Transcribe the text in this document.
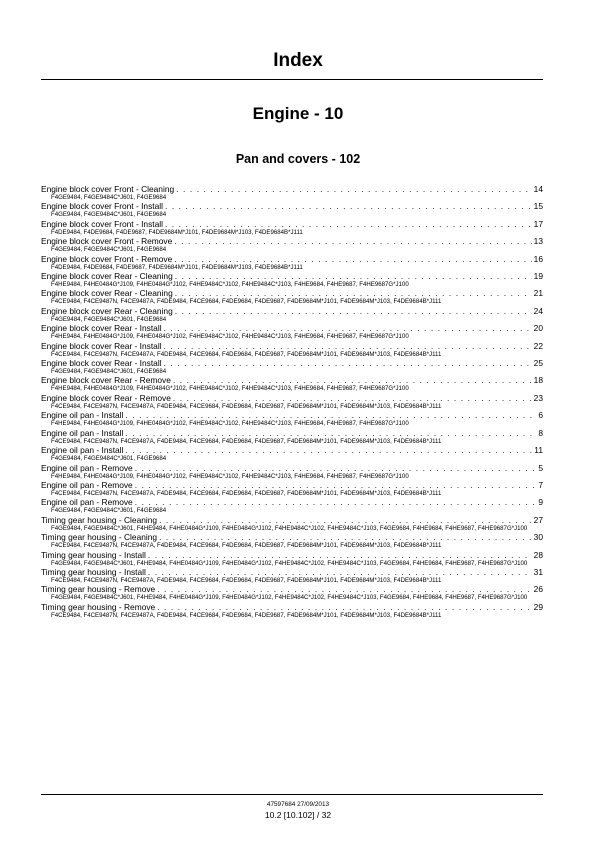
Index
Engine - 10
Pan and covers - 102
Engine block cover Front - Cleaning . . .	14
F4GE9484, F4GE9484C*J601, F4GE9684
Engine block cover Front - Install . . .	15
F4GE9484, F4GE9484C*J601, F4GE9684
Engine block cover Front - Install . . .	17
F4DE9484, F4DE9684, F4DE9687, F4DE9684M*J101, F4DE9684M*J103, F4DE9684B*J111
Engine block cover Front - Remove . . .	13
F4GE9484, F4GE9484C*J601, F4GE9684
Engine block cover Front - Remove . . .	16
F4DE9484, F4DE9684, F4DE9687, F4DE9684M*J101, F4DE9684M*J103, F4DE9684B*J111
Engine block cover Rear - Cleaning . . .	19
F4HE9484, F4HE0484G*J109, F4HE0484G*J102, F4HE9484C*J102, F4HE9484C*J103, F4HE9684, F4HE9687, F4HE9687G*J100
Engine block cover Rear - Cleaning . . .	21
F4CE9484, F4CE9487N, F4CE9487A, F4DE9484, F4CE9684, F4DE9684, F4DE9687, F4DE9684M*J101, F4DE9684M*J103, F4DE9684B*J111
Engine block cover Rear - Cleaning . . .	24
F4GE9484, F4GE9484C*J601, F4GE9684
Engine block cover Rear - Install . . .	20
F4HE9484, F4HE0484G*J109, F4HE0484G*J102, F4HE9484C*J102, F4HE9484C*J103, F4HE9684, F4HE9687, F4HE9687G*J100
Engine block cover Rear - Install . . .	22
F4CE9484, F4CE9487N, F4CE9487A, F4DE9484, F4CE9684, F4DE9684, F4DE9687, F4DE9684M*J101, F4DE9684M*J103, F4DE9684B*J111
Engine block cover Rear - Install . . .	25
F4GE9484, F4GE9484C*J601, F4GE9684
Engine block cover Rear - Remove . . .	18
F4HE9484, F4HE0484G*J109, F4HE0484G*J102, F4HE9484C*J102, F4HE9484C*J103, F4HE9684, F4HE9687, F4HE9687G*J100
Engine block cover Rear - Remove . . .	23
F4CE9484, F4CE9487N, F4CE9487A, F4DE9484, F4CE9684, F4DE9684, F4DE9687, F4DE9684M*J101, F4DE9684M*J103, F4DE9684B*J111
Engine oil pan - Install . . .	6
F4HE9484, F4HE0484G*J109, F4HE0484G*J102, F4HE9484C*J102, F4HE9484C*J103, F4HE9684, F4HE9687, F4HE9687G*J100
Engine oil pan - Install . . .	8
F4CE9484, F4CE9487N, F4CE9487A, F4DE9484, F4CE9684, F4DE9684, F4DE9687, F4DE9684M*J101, F4DE9684M*J103, F4DE9684B*J111
Engine oil pan - Install . . .	11
F4GE9484, F4GE9484C*J601, F4GE9684
Engine oil pan - Remove . . .	5
F4HE9484, F4HE0484G*J109, F4HE0484G*J102, F4HE9484C*J102, F4HE9484C*J103, F4HE9684, F4HE9687, F4HE9687G*J100
Engine oil pan - Remove . . .	7
F4CE9484, F4CE9487N, F4CE9487A, F4DE9484, F4CE9684, F4DE9684, F4DE9687, F4DE9684M*J101, F4DE9684M*J103, F4DE9684B*J111
Engine oil pan - Remove . . .	9
F4GE9484, F4GE9484C*J601, F4GE9684
Timing gear housing - Cleaning . . .	27
F4GE9484, F4GE9484C*J601, F4HE9484, F4HE0484G*J109, F4HE0484G*J102, F4HE9484C*J102, F4HE9484C*J103, F4GE9684, F4HE9684, F4HE9687, F4HE9687G*J100
Timing gear housing - Cleaning . . .	30
F4CE9484, F4CE9487N, F4CE9487A, F4DE9484, F4CE9684, F4DE9684, F4DE9687, F4DE9684M*J101, F4DE9684M*J103, F4DE9684B*J111
Timing gear housing - Install . . .	28
F4GE9484, F4GE9484C*J601, F4HE9484, F4HE0484G*J109, F4HE0484G*J102, F4HE9484C*J102, F4HE9484C*J103, F4GE9684, F4HE9684, F4HE9687, F4HE9687G*J100
Timing gear housing - Install . . .	31
F4CE9484, F4CE9487N, F4CE9487A, F4DE9484, F4CE9684, F4DE9684, F4DE9687, F4DE9684M*J101, F4DE9684M*J103, F4DE9684B*J111
Timing gear housing - Remove . . .	26
F4GE9484, F4GE9484C*J601, F4HE9484, F4HE0484G*J109, F4HE0484G*J102, F4HE9484C*J102, F4HE9484C*J103, F4GE9684, F4HE9684, F4HE9687, F4HE9687G*J100
Timing gear housing - Remove . . .	29
F4CE9484, F4CE9487N, F4CE9487A, F4DE9484, F4CE9684, F4DE9684, F4DE9687, F4DE9684M*J101, F4DE9684M*J103, F4DE9684B*J111
47597684 27/09/2013
10.2 [10.102] / 32
